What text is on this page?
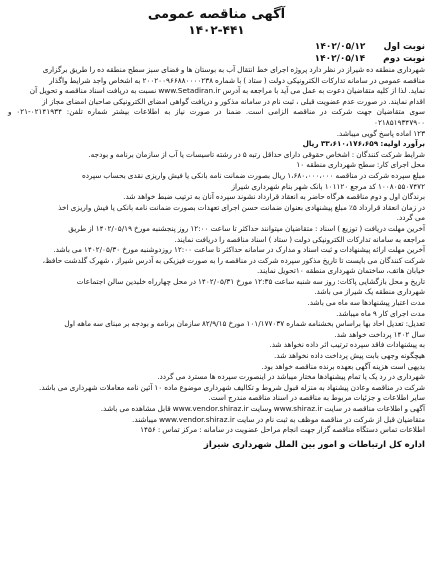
آگهی مناقصه عمومی
۱۴۰۲-۴۴۱
نوبت اول
۱۴۰۲/۰۵/۱۲
نوبت دوم
۱۴۰۲/۰۵/۱۴

شهرداری منطقه ده شیراز در نظر دارد پروژه اجرای خط انتقال آب به بوستان ها و فضای سبز سطح منطقه ده را طریق برگزاری

مناقصه عمومی در سامانه تدارکات الکترونیکی دولت ( ستاد ) با شماره ۲۰۰۲۰۰۹۶۶۸۸۰۰۰۰۲۳۸ به اشخاص واجد شرایط واگذار

نماید. لذا از کلیه متقاضیان دعوت به عمل می آید با مراجعه به آدرس www.Setadiran.ir نسبت به دریافت اسناد مناقصه و تحویل آن

اقدام نمایند. در صورت عدم عضویت قبلی ، ثبت نام در سامانه مذکور و دریافت گواهی امضای الکترونیکی صاحبان امضای مجاز از

سوی متقاضیان جهت شرکت در مناقصه الزامی است. ضمنا در صورت نیاز به اطلاعات بیشتر شماره تلفن: ۰۲۱۴۱۹۳۴-۰۲۱ و ۰۲۱۸۵۱۹۳۴۷۹۰۰

۱۲۳ اماده پاسخ گویی میباشد.

برآورد اولیه: ۳۳،۶۱۰،۱۷۶،۶۵۹ ریال

شرایط شرکت کنندگان : اشخاص حقوقی دارای حداقل رتبه ۵ در رشته تاسیسات یا آب از سازمان برنامه و بودجه.

محل اجرای کار: سطح شهرداری منطقه ۱۰

مبلغ سپرده شرکت در مناقصه ۱،۶۸۰،۰۰۰،۰۰۰ ریال بصورت ضمانت نامه بانکی یا فیش واریزی نقدی بحساب سپرده

۱۰۰۸۰۵۵۰۷۴۷۲ کد مرجع ۱۰۱۱۲۰ بانک شهر بنام شهرداری شیراز

برندگان اول و دوم مناقصه هرگاه حاضر به انعقاد قرارداد نشوند سپرده آنان به ترتیب ضبط خواهد شد.

در زمان انعقاد قرارداد ۵٪ مبلغ پیشنهادی بعنوان ضمانت حسن اجرای تعهدات بصورت ضمانت نامه بانکی یا فیش واریزی اخذ

می گردد.

آخرین مهلت دریافت ( توزیع ) اسناد : متقاضیان میتوانند حداکثر تا ساعت ۱۲:۰۰ روز پنجشنبه مورخ ۱۴۰۲/۰۵/۱۹ از طریق

مراجعه به سامانه تدارکات الکترونیکی دولت ( ستاد ) اسناد مناقصه را دریافت نمایند.

آخرین مهلت ارائه پیشنهادات و ثبت اسناد و مدارک در سامانه حداکثر تا ساعت ۱۲:۰۰ روزدوشنبه مورخ ۱۴۰۲/۰۵/۳۰ می باشد.

شرکت کنندگان می بایست تا تاریخ مذکور سپرده شرکت در مناقصه را به صورت فیزیکی به آدرس شیراز ، شهرک گلدشت حافظ،

خیابان هاتف، ساختمان شهرداری منطقه ۱۰تحویل نمایند.

تاریخ و محل بازگشایی پاکات: روز سه شنبه ساعت ۱۲:۳۵ مورخ ۱۴۰۲/۰۵/۳۱ در محل چهارراه خلبدین سالن اجتماعات

شهرداری منطقه یک شیراز می باشد.

مدت اعتبار پیشنهادها سه ماه می باشد.

مدت اجرای کار ۹ ماه میباشد.

تعدیل: تعدیل احاد بها براساس بخشنامه شماره ۱۰۱/۱۷۷۰۳۷ مورخ ۸۲/۹/۱۵ سازمان برنامه و بودجه بر مبنای سه ماهه اول

سال ۱۴۰۲ پرداخت خواهد شد.

به پیشنهادات فاقد سپرده ترتیب اثر داده نخواهد شد.

هیچگونه وجهی بابت پیش پرداخت داده نخواهد شد.

بدیهی است هزینه آگهی بعهده برنده مناقصه خواهد بود.

شهرداری در رد یک یا تمام پیشنهادها مختار میباشد در اینصورت سپرده ها مسترد می گردد.

شرکت در مناقصه وعادن پیشنهاد به منزله قبول شروط و تکالیف شهرداری موضوع ماده ۱۰ آئین نامه معاملات شهرداری می باشد.

سایر اطلاعات و جزئیات مربوط به مناقصه در اسناد مناقصه مندرج است.

آگهی و اطلاعات مناقصه در سایت www.shiraz.ir وسایت www.vendor.shiraz.ir قابل مشاهده می باشد.

متقاضیان قبل از شرکت در مناقصه موظف به ثبت نام در سایت www.vendor.shiraz.ir میباشند.

اطلاعات تماس دستگاه مناقصه گزار جهت انجام مراحل عضویت در سامانه : مرکز تماس : ۱۴۵۶

اداره کل ارتباطات و امور بین الملل شهرداری شیراز
